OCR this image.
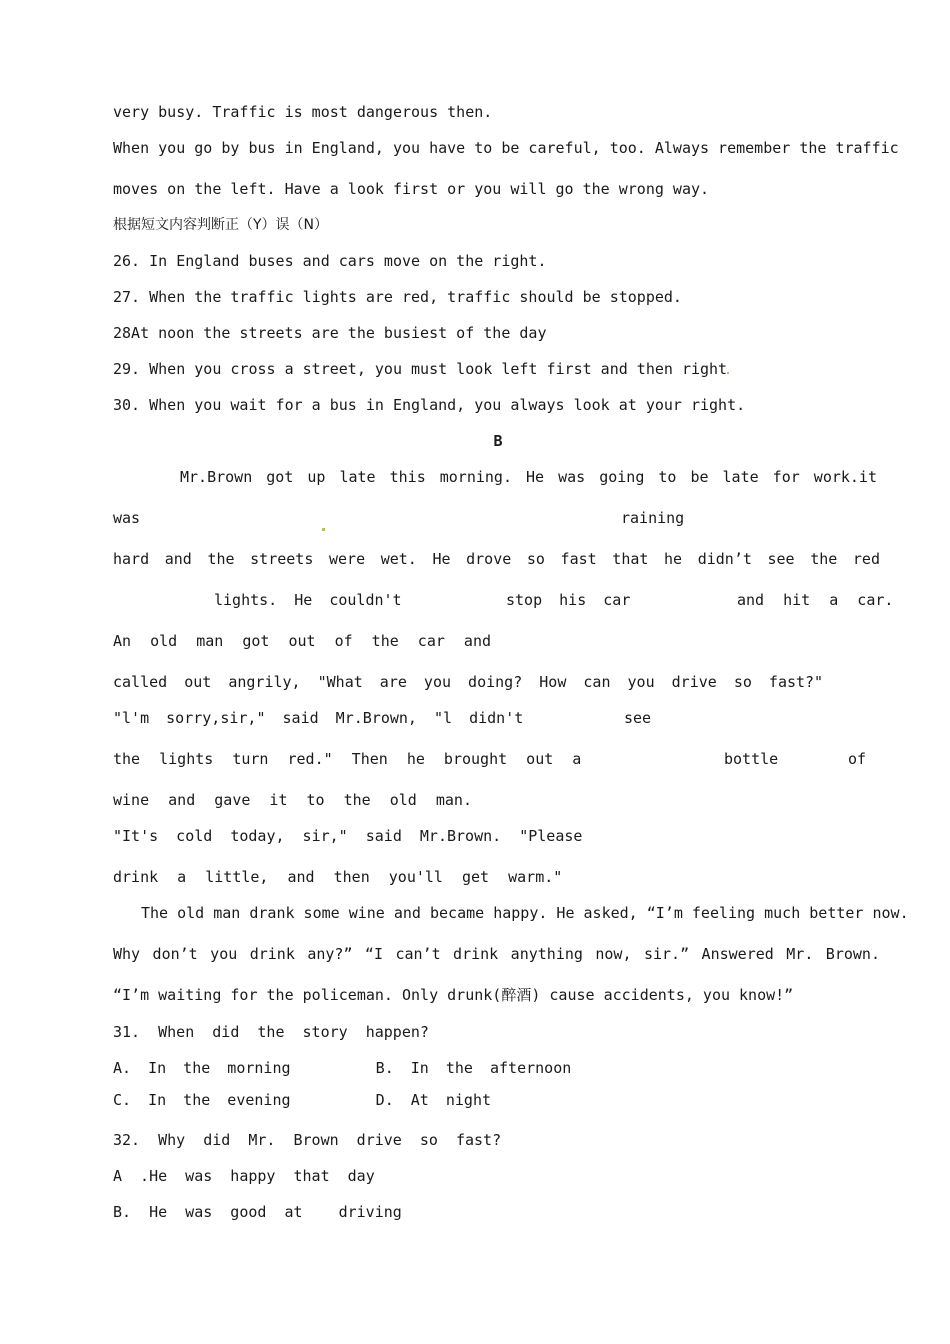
very busy. Traffic is most dangerous then.
When you go by bus in England, you have to be careful, too. Always remember the traffic
moves on the left. Have a look first or you will go the wrong way.
根据短文内容判断正（Y）误（N）
26. In England buses and cars move on the right.
27. When the traffic lights are red, traffic should be stopped.
28At noon the streets are the busiest of the day
29. When you cross a street, you must look left first and then right
30. When you wait for a bus in England, you always look at your right.
B
Mr.Brown got up late this morning. He was going to be late for work.it
was	raining
hard and the streets were wet. He drove so fast that he didn’t see the red
lights. He couldn't	stop his car	and hit a car.
An old man got out of the car and
called out angrily, "What are you doing? How can you drive so fast?"
"l'm sorry,sir," said Mr.Brown, "l didn't	see
the lights turn red." Then he brought out a	bottle	of
wine and gave it to the old man.
"It's cold today, sir," said Mr.Brown. "Please
drink a little, and then you'll get warm."
The old man drank some wine and became happy. He asked, “I’m feeling much better now.
Why don’t you drink any?” “I can’t drink anything now, sir.” Answered Mr. Brown.
“I’m waiting for the policeman. Only drunk(醉酒) cause accidents, you know!”
31. When did the story happen?
A. In the morning     B. In the afternoon
C. In the evening     D. At night
32. Why did Mr. Brown drive so fast?
A .He was happy that day
B. He was good at  driving
